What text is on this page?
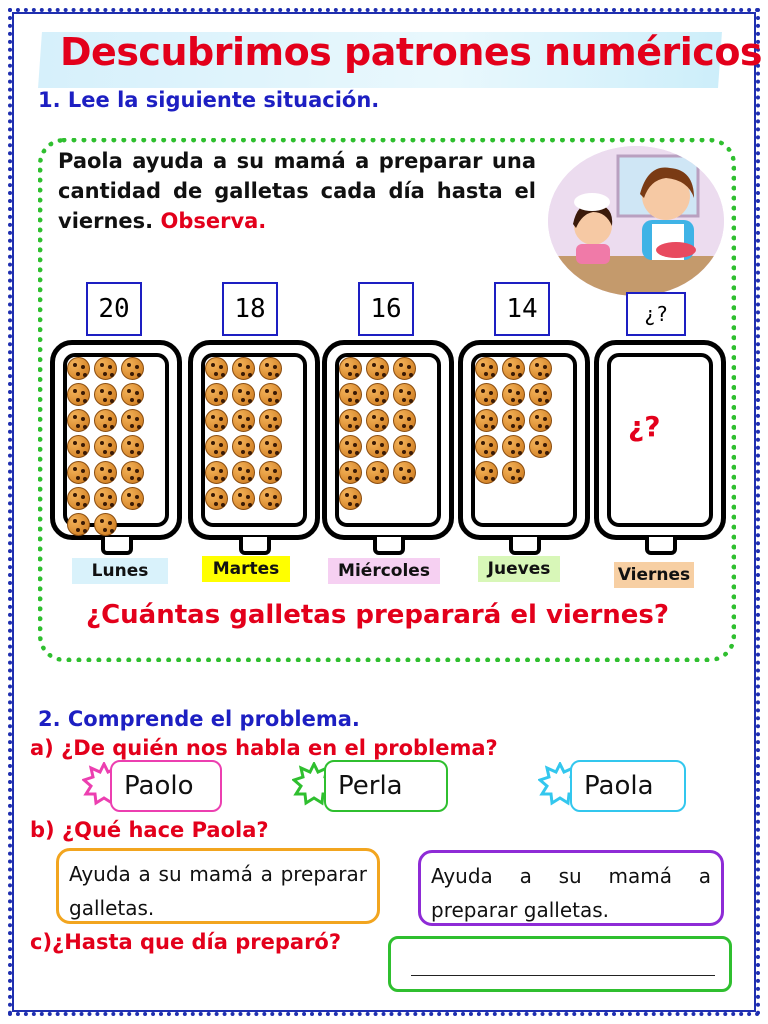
Descubrimos patrones numéricos
1. Lee la siguiente situación.
Paola ayuda a su mamá a preparar una cantidad de galletas cada día hasta el viernes. Observa.
20	18	16	14	¿?
¿?
Lunes	Martes	Miércoles	Jueves	Viernes
¿Cuántas galletas preparará el viernes?
2. Comprende el problema.
a) ¿De quién nos habla en el problema?
Paolo	Perla	Paola
b) ¿Qué hace Paola?
Ayuda a su mamá a preparar galletas.
Ayuda a su mamá a preparar galletas.
c)¿Hasta que día preparó?
